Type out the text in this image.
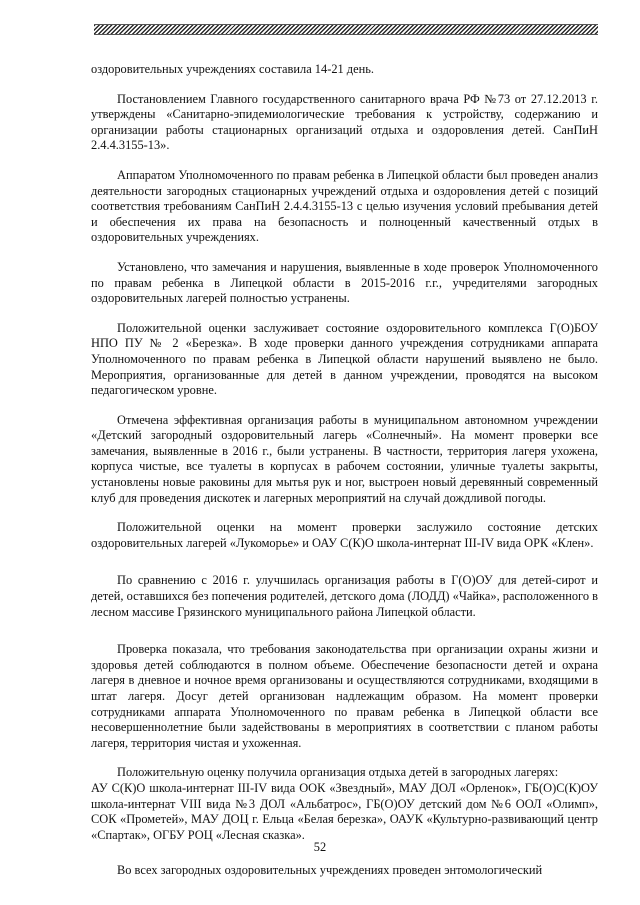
оздоровительных учреждениях составила 14-21 день.

Постановлением Главного государственного санитарного врача РФ №73 от 27.12.2013 г. утверждены «Санитарно-эпидемиологические требования к устройству, содержанию и организации работы стационарных организаций отдыха и оздоровления детей. СанПиН 2.4.4.3155-13».

Аппаратом Уполномоченного по правам ребенка в Липецкой области был проведен анализ деятельности загородных стационарных учреждений отдыха и оздоровления детей с позиций соответствия требованиям СанПиН 2.4.4.3155-13 с целью изучения условий пребывания детей и обеспечения их права на безопасность и полноценный качественный отдых в оздоровительных учреждениях.

Установлено, что замечания и нарушения, выявленные в ходе проверок Уполномоченного по правам ребенка в Липецкой области в 2015-2016 г.г., учредителями загородных оздоровительных лагерей полностью устранены.

Положительной оценки заслуживает состояние оздоровительного комплекса Г(О)БОУ НПО ПУ № 2 «Березка». В ходе проверки данного учреждения сотрудниками аппарата Уполномоченного по правам ребенка в Липецкой области нарушений выявлено не было. Мероприятия, организованные для детей в данном учреждении, проводятся на высоком педагогическом уровне.

Отмечена эффективная организация работы в муниципальном автономном учреждении «Детский загородный оздоровительный лагерь «Солнечный». На момент проверки все замечания, выявленные в 2016 г., были устранены. В частности, территория лагеря ухожена, корпуса чистые, все туалеты в корпусах в рабочем состоянии, уличные туалеты закрыты, установлены новые раковины для мытья рук и ног, выстроен новый деревянный современный клуб для проведения дискотек и лагерных мероприятий на случай дождливой погоды.

Положительной оценки на момент проверки заслужило состояние детских оздоровительных лагерей «Лукоморье» и ОАУ С(К)О школа-интернат III-IV вида ОРК «Клен».

По сравнению с 2016 г. улучшилась организация работы в Г(О)ОУ для детей-сирот и детей, оставшихся без попечения родителей, детского дома (ЛОДД) «Чайка», расположенного в лесном массиве Грязинского муниципального района Липецкой области.

Проверка показала, что требования законодательства при организации охраны жизни и здоровья детей соблюдаются в полном объеме. Обеспечение безопасности детей и охрана лагеря в дневное и ночное время организованы и осуществляются сотрудниками, входящими в штат лагеря. Досуг детей организован надлежащим образом. На момент проверки сотрудниками аппарата Уполномоченного по правам ребенка в Липецкой области все несовершеннолетние были задействованы в мероприятиях в соответствии с планом работы лагеря, территория чистая и ухоженная.

Положительную оценку получила организация отдыха детей в загородных лагерях:

АУ С(К)О школа-интернат III-IV вида ООК «Звездный», МАУ ДОЛ «Орленок», ГБ(О)С(К)ОУ школа-интернат VIII вида №3 ДОЛ «Альбатрос», ГБ(О)ОУ детский дом №6 ООЛ «Олимп», СОК «Прометей», МАУ ДОЦ г. Ельца «Белая березка», ОАУК «Культурно-развивающий центр «Спартак», ОГБУ РОЦ «Лесная сказка».

Во всех загородных оздоровительных учреждениях проведен энтомологический

52
